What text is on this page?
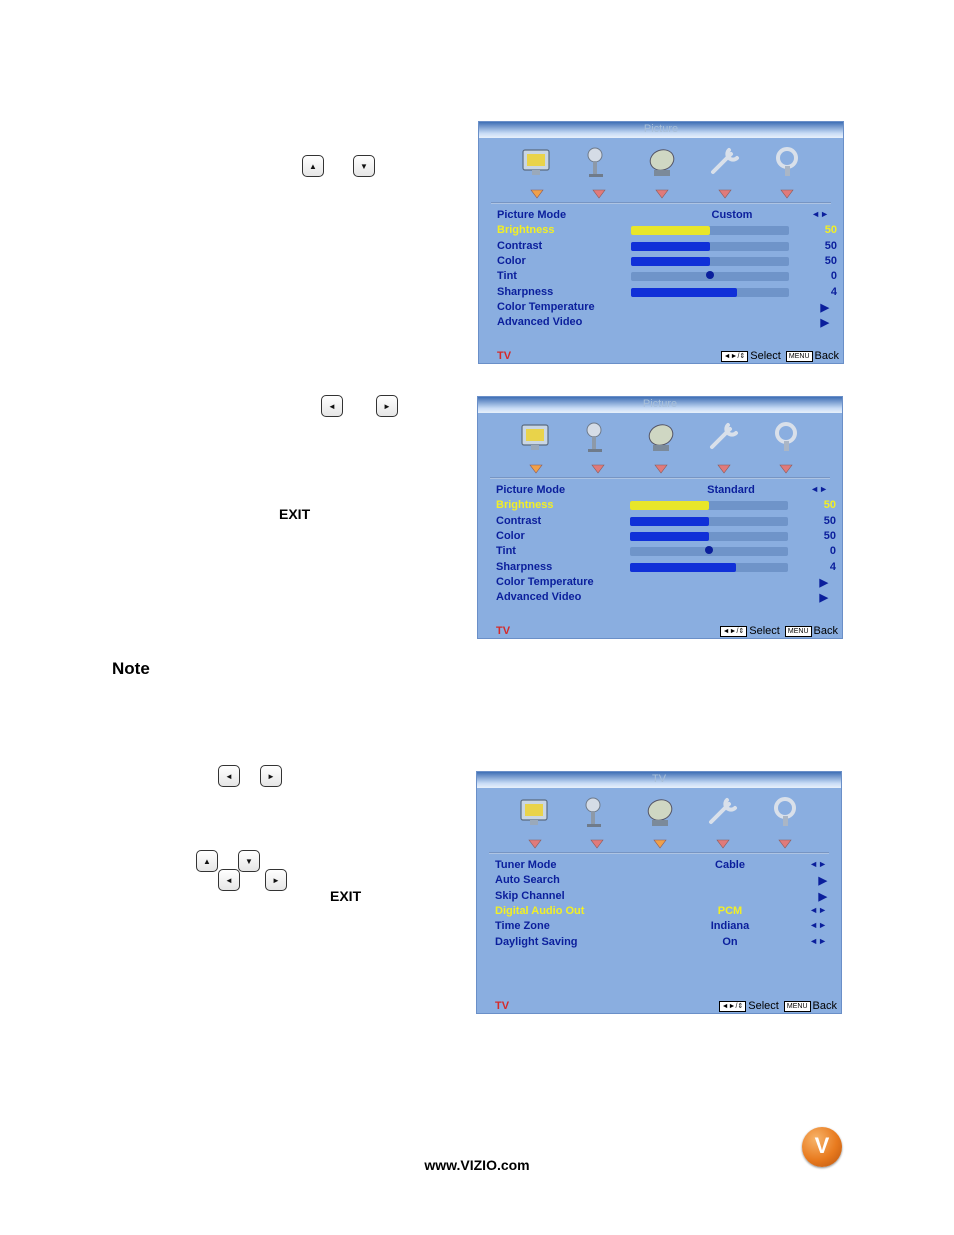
▲	▼
◄	►
EXIT
Note
◄	►
▲	▼
◄	►
EXIT
Picture
Picture Mode	Custom	◄►
Brightness	50
Contrast	50
Color	50
Tint	0
Sharpness	4
Color Temperature	▶
Advanced Video	▶
TV	◄►/⇕ Select MENU Back
Picture
Picture Mode	Standard	◄►
Brightness	50
Contrast	50
Color	50
Tint	0
Sharpness	4
Color Temperature	▶
Advanced Video	▶
TV	◄►/⇕ Select MENU Back
TV
Tuner Mode	Cable	◄►
Auto Search	▶
Skip Channel	▶
Digital Audio Out	PCM	◄►
Time Zone	Indiana	◄►
Daylight Saving	On	◄►
TV	◄►/⇕ Select MENU Back
www.VIZIO.com
V
